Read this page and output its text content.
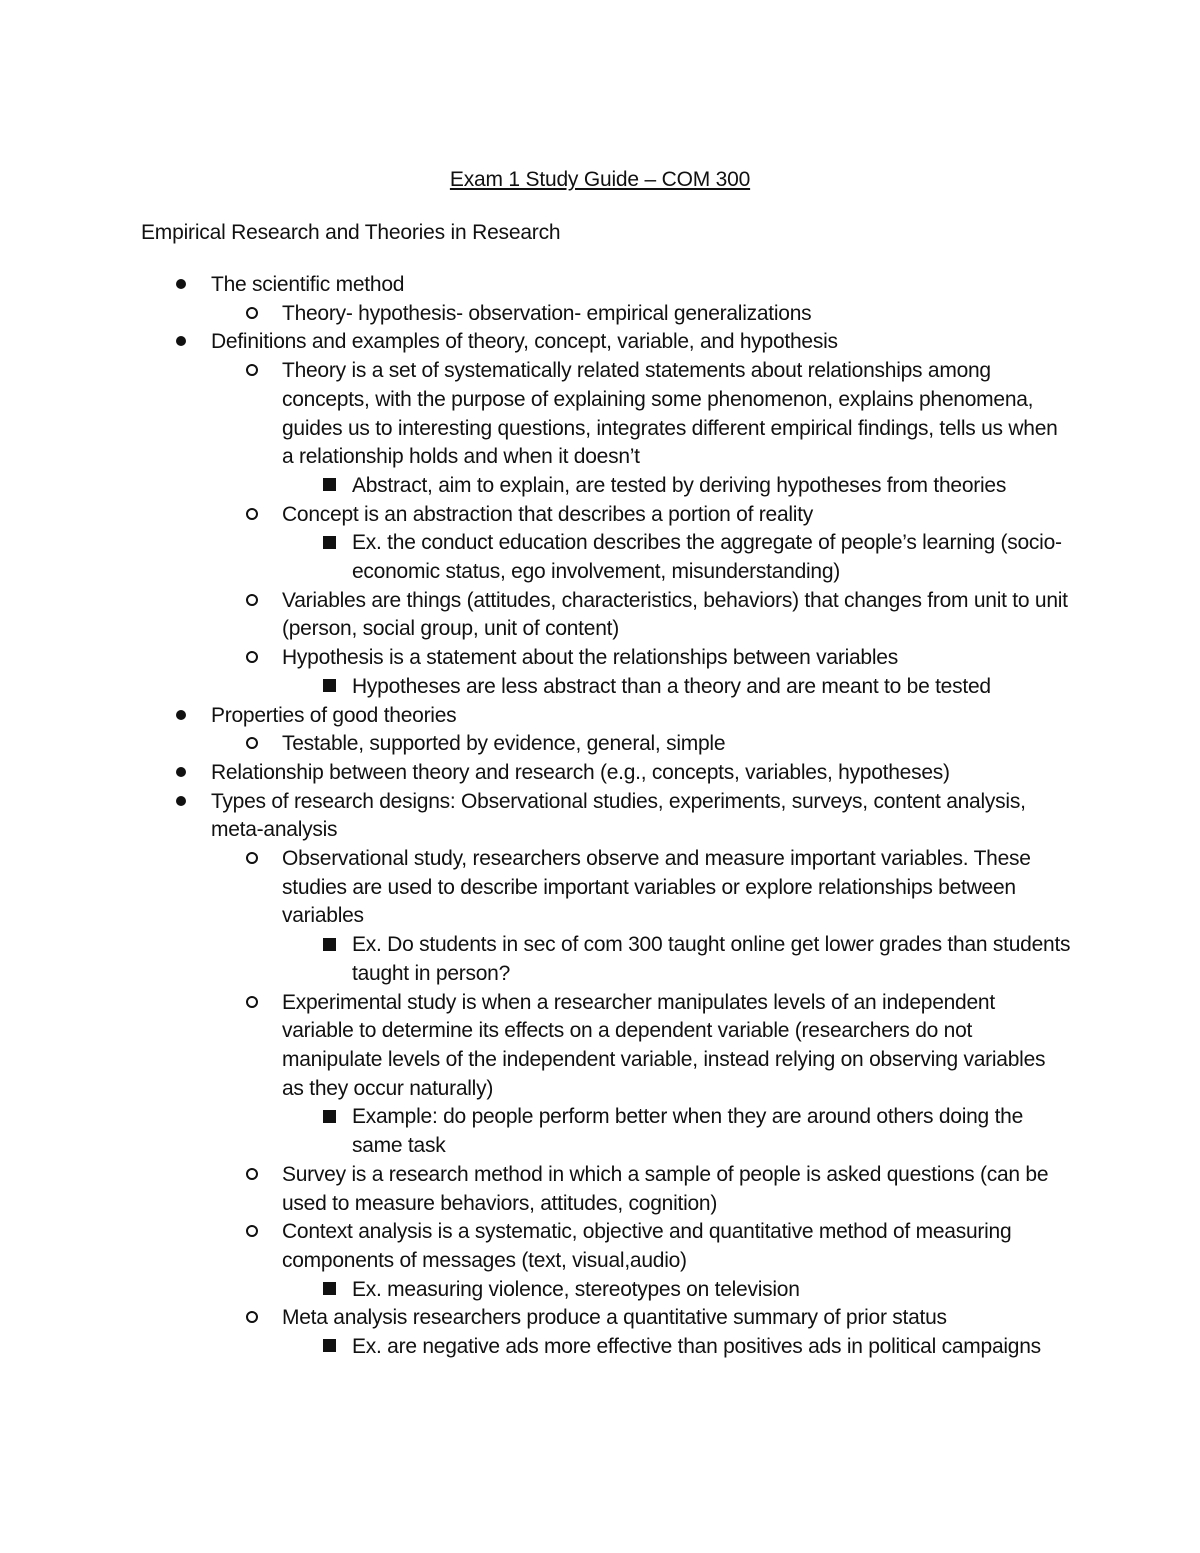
Exam 1 Study Guide – COM 300
Empirical Research and Theories in Research
The scientific method
Theory- hypothesis- observation- empirical generalizations
Definitions and examples of theory, concept, variable, and hypothesis
Theory is a set of systematically related statements about relationships among concepts, with the purpose of explaining some phenomenon, explains phenomena, guides us to interesting questions, integrates different empirical findings, tells us when a relationship holds and when it doesn’t
Abstract, aim to explain, are tested by deriving hypotheses from theories
Concept is an abstraction that describes a portion of reality
Ex. the conduct education describes the aggregate of people’s learning (socio-economic status, ego involvement, misunderstanding)
Variables are things (attitudes, characteristics, behaviors) that changes from unit to unit (person, social group, unit of content)
Hypothesis is a statement about the relationships between variables
Hypotheses are less abstract than a theory and are meant to be tested
Properties of good theories
Testable, supported by evidence, general, simple
Relationship between theory and research (e.g., concepts, variables, hypotheses)
Types of research designs: Observational studies, experiments, surveys, content analysis, meta-analysis
Observational study, researchers observe and measure important variables. These studies are used to describe important variables or explore relationships between variables
Ex. Do students in sec of com 300 taught online get lower grades than students taught in person?
Experimental study is when a researcher manipulates levels of an independent variable to determine its effects on a dependent variable (researchers do not manipulate levels of the independent variable, instead relying on observing variables as they occur naturally)
Example: do people perform better when they are around others doing the same task
Survey is a research method in which a sample of people is asked questions (can be used to measure behaviors, attitudes, cognition)
Context analysis is a systematic, objective and quantitative method of measuring components of messages (text, visual,audio)
Ex. measuring violence, stereotypes on television
Meta analysis researchers produce a quantitative summary of prior status
Ex. are negative ads more effective than positives ads in political campaigns
